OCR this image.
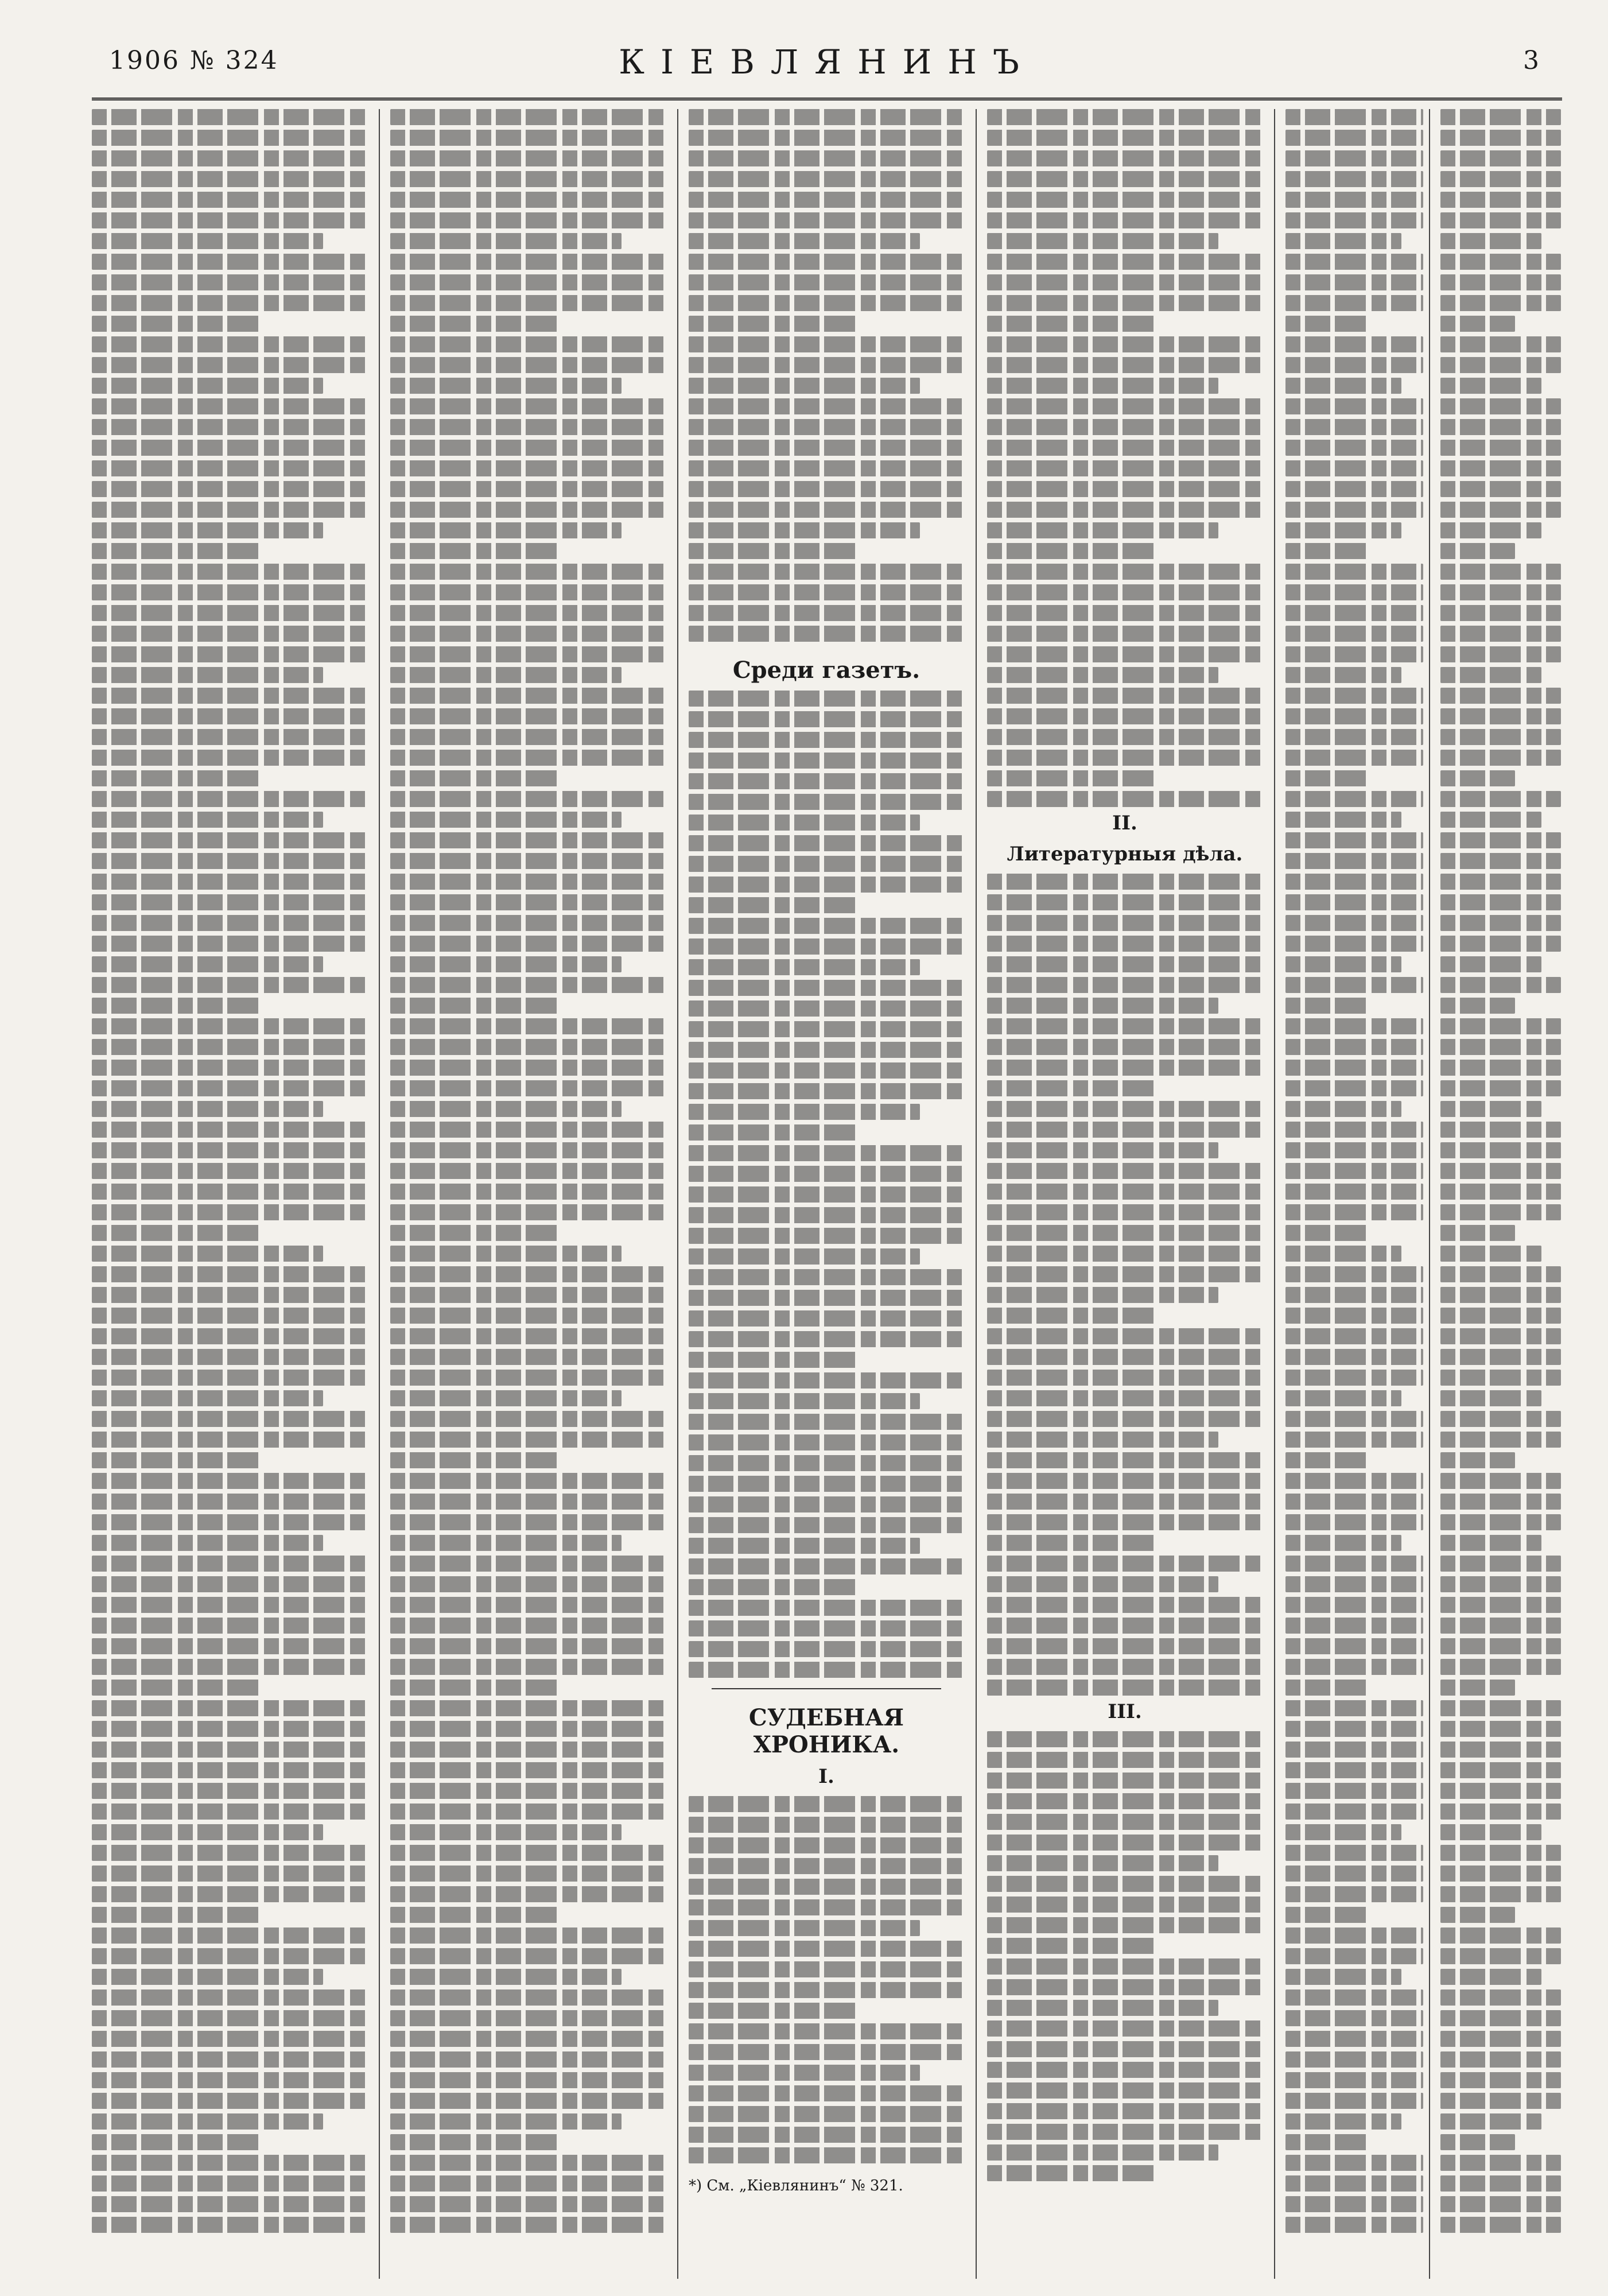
1906 № 324	КІЕВЛЯНИНЪ	3
Среди газетъ.
СУДЕБНАЯ ХРОНИКА.
I.
*) См. „Кіевлянинъ“ № 321.
II.
Литературныя дѣла.
III.
